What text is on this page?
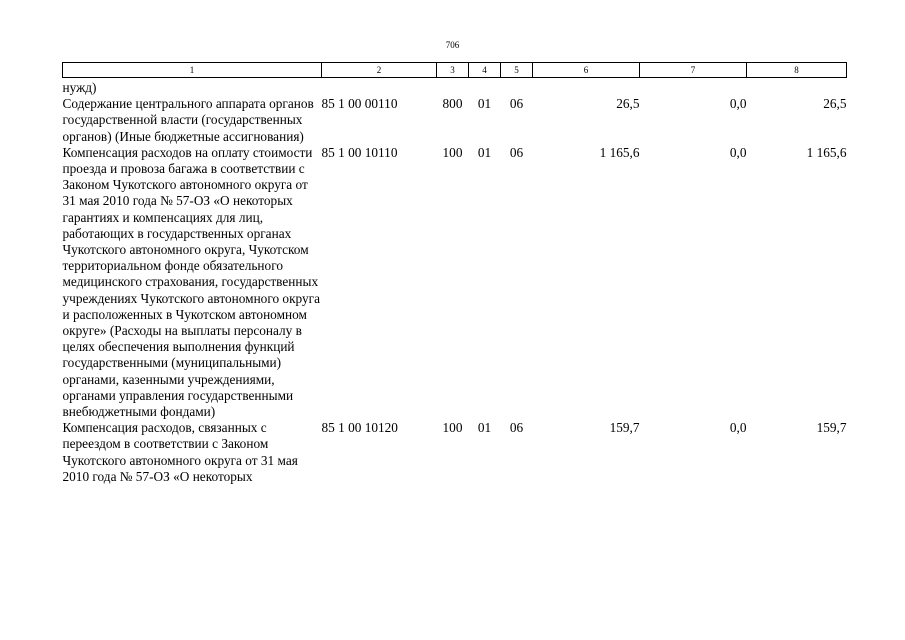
706
1	2	3	4	5	6	7	8

нужд)							
Содержание центрального аппарата органов государственной власти (государственных органов) (Иные бюджетные ассигнования)	85 1 00 00110	800	01	06	26,5	0,0	26,5
Компенсация расходов на оплату стоимости проезда и провоза багажа в соответствии с Законом Чукотского автономного округа от 31 мая 2010 года № 57-ОЗ «О некоторых гарантиях и компенсациях для лиц, работающих в государственных органах Чукотского автономного округа, Чукотском территориальном фонде обязательного медицинского страхования, государственных учреждениях Чукотского автономного округа и расположенных в Чукотском автономном округе» (Расходы на выплаты персоналу в целях обеспечения выполнения функций государственными (муниципальными) органами, казенными учреждениями, органами управления государственными внебюджетными фондами)	85 1 00 10110	100	01	06	1 165,6	0,0	1 165,6
Компенсация расходов, связанных с переездом в соответствии с Законом Чукотского автономного округа от 31 мая 2010 года № 57-ОЗ «О некоторых	85 1 00 10120	100	01	06	159,7	0,0	159,7
